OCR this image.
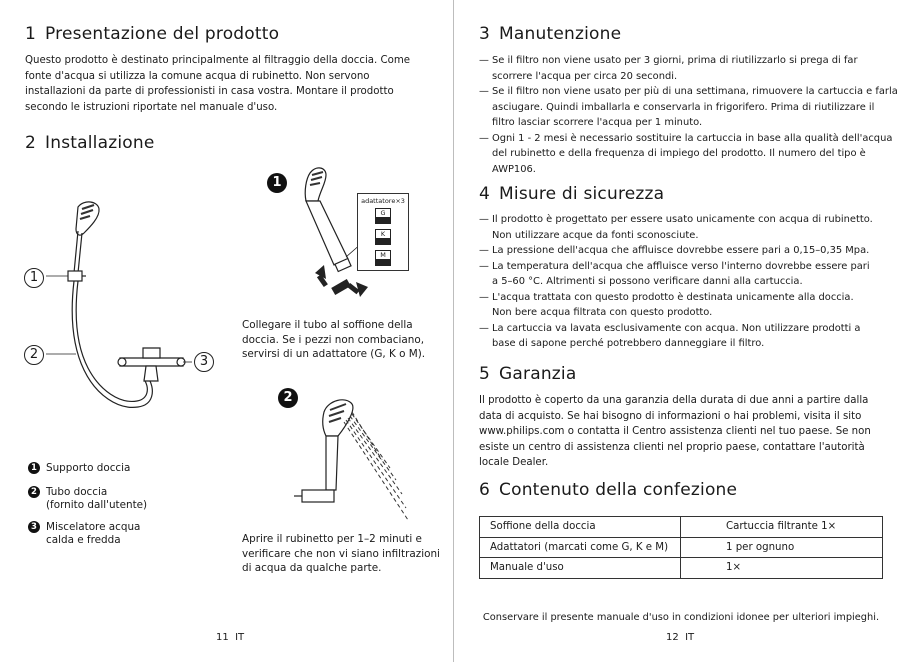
1 Presentazione del prodotto
Questo prodotto è destinato principalmente al filtraggio della doccia. Come
fonte d'acqua si utilizza la comune acqua di rubinetto. Non servono
installazioni da parte di professionisti in casa vostra. Montare il prodotto
secondo le istruzioni riportate nel manuale d'uso.
2 Installazione
1
2	3
1
adattatore×3
G
K
M
Collegare il tubo al soffione della
doccia. Se i pezzi non combaciano,
servirsi di un adattatore (G, K o M).
2
Aprire il rubinetto per 1–2 minuti e
verificare che non vi siano infiltrazioni
di acqua da qualche parte.
1 Supporto doccia
2 Tubo doccia
(fornito dall'utente)
3 Miscelatore acqua
calda e fredda
11  IT
3 Manutenzione
— Se il filtro non viene usato per 3 giorni, prima di riutilizzarlo si prega di far
scorrere l'acqua per circa 20 secondi.
— Se il filtro non viene usato per più di una settimana, rimuovere la cartuccia e farla
asciugare. Quindi imballarla e conservarla in frigorifero. Prima di riutilizzare il
filtro lasciar scorrere l'acqua per 1 minuto.
— Ogni 1 - 2 mesi è necessario sostituire la cartuccia in base alla qualità dell'acqua
del rubinetto e della frequenza di impiego del prodotto. Il numero del tipo è
AWP106.
4 Misure di sicurezza
— Il prodotto è progettato per essere usato unicamente con acqua di rubinetto.
Non utilizzare acque da fonti sconosciute.
— La pressione dell'acqua che affluisce dovrebbe essere pari a 0,15–0,35 Mpa.
— La temperatura dell'acqua che affluisce verso l'interno dovrebbe essere pari
a 5–60 °C. Altrimenti si possono verificare danni alla cartuccia.
— L'acqua trattata con questo prodotto è destinata unicamente alla doccia.
Non bere acqua filtrata con questo prodotto.
— La cartuccia va lavata esclusivamente con acqua. Non utilizzare prodotti a
base di sapone perché potrebbero danneggiare il filtro.
5 Garanzia
Il prodotto è coperto da una garanzia della durata di due anni a partire dalla
data di acquisto. Se hai bisogno di informazioni o hai problemi, visita il sito
www.philips.com o contatta il Centro assistenza clienti nel tuo paese. Se non
esiste un centro di assistenza clienti nel proprio paese, contattare l'autorità
locale Dealer.
6 Contenuto della confezione
Soffione della doccia	Cartuccia filtrante 1×
Adattatori (marcati come G, K e M)	1 per ognuno
Manuale d'uso	1×
Conservare il presente manuale d'uso in condizioni idonee per ulteriori impieghi.
12  IT
